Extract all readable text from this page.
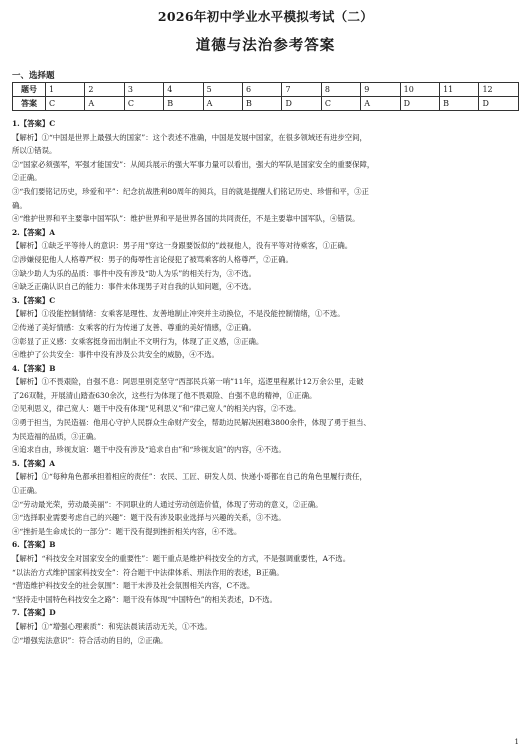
2026年初中学业水平模拟考试（二）
道德与法治参考答案
一、选择题
题号	1	2	3	4	5	6	7	8	9	10	11	12
答案	C	A	C	B	A	B	D	C	A	D	B	D

1.【答案】C

【解析】①“中国是世界上最强大的国家”：这个表述不准确，中国是发展中国家，在很多领域还有进步空间，

所以①错误。

②“国家必须强军，军强才能国安”：从阅兵展示的强大军事力量可以看出，强大的军队是国家安全的重要保障，

②正确。

③“我们要铭记历史，珍爱和平”：纪念抗战胜利80周年的阅兵，目的就是提醒人们铭记历史、珍惜和平，③正

确。

④“维护世界和平主要靠中国军队”：维护世界和平是世界各国的共同责任，不是主要靠中国军队，④错误。

2.【答案】A

【解析】①缺乏平等待人的意识：男子用“穿这一身跟要饭似的”歧视他人，没有平等对待乘客，①正确。

②涉嫌侵犯他人人格尊严权：男子的侮辱性言论侵犯了被骂乘客的人格尊严，②正确。

③缺少助人为乐的品质：事件中没有涉及“助人为乐”的相关行为，③不选。

④缺乏正确认识自己的能力：事件未体现男子对自我的认知问题，④不选。

3.【答案】C

【解析】①没能控制情绪：女乘客是理性、友善地制止冲突并主动换位，不是没能控制情绪，①不选。

②传递了美好情感：女乘客的行为传递了友善、尊重的美好情感，②正确。

③彰显了正义感：女乘客挺身而出制止不文明行为，体现了正义感，③正确。

④维护了公共安全：事件中没有涉及公共安全的威胁，④不选。

4.【答案】B

【解析】①不畏艰险，自强不息：阿思里别克坚守“西部民兵第一哨”11年，巡逻里程累计12万余公里，走破

了26双鞋，开展清山踏查630余次，这些行为体现了他不畏艰险、自强不息的精神，①正确。

②见利思义，律己宽人：题干中没有体现“见利思义”和“律己宽人”的相关内容，②不选。

③勇于担当，为民造福：他用心守护人民群众生命财产安全，帮助边民解决困难3800余件，体现了勇于担当、

为民造福的品质，③正确。

④追求自由，珍视友谊：题干中没有涉及“追求自由”和“珍视友谊”的内容，④不选。

5.【答案】A

【解析】①“每种角色都承担着相应的责任”：农民、工匠、研发人员、快递小哥都在自己的角色里履行责任，

①正确。

②“劳动最光荣，劳动最美丽”：不同职业的人通过劳动创造价值，体现了劳动的意义，②正确。

③“选择职业需要考虑自己的兴趣”：题干没有涉及职业选择与兴趣的关系，③不选。

④“挫折是生命成长的一部分”：题干没有提到挫折相关内容，④不选。

6.【答案】B

【解析】“科技安全对国家安全的重要性”：题干重点是维护科技安全的方式，不是强调重要性，A不选。

“以法治方式维护国家科技安全”：符合题干中法律体系、刑法作用的表述，B正确。

“营造维护科技安全的社会氛围”：题干未涉及社会氛围相关内容，C不选。

“坚持走中国特色科技安全之路”：题干没有体现“中国特色”的相关表述，D不选。

7.【答案】D

【解析】①“增强心理素质”：和宪法晨读活动无关，①不选。

②“增强宪法意识”：符合活动的目的，②正确。

1
